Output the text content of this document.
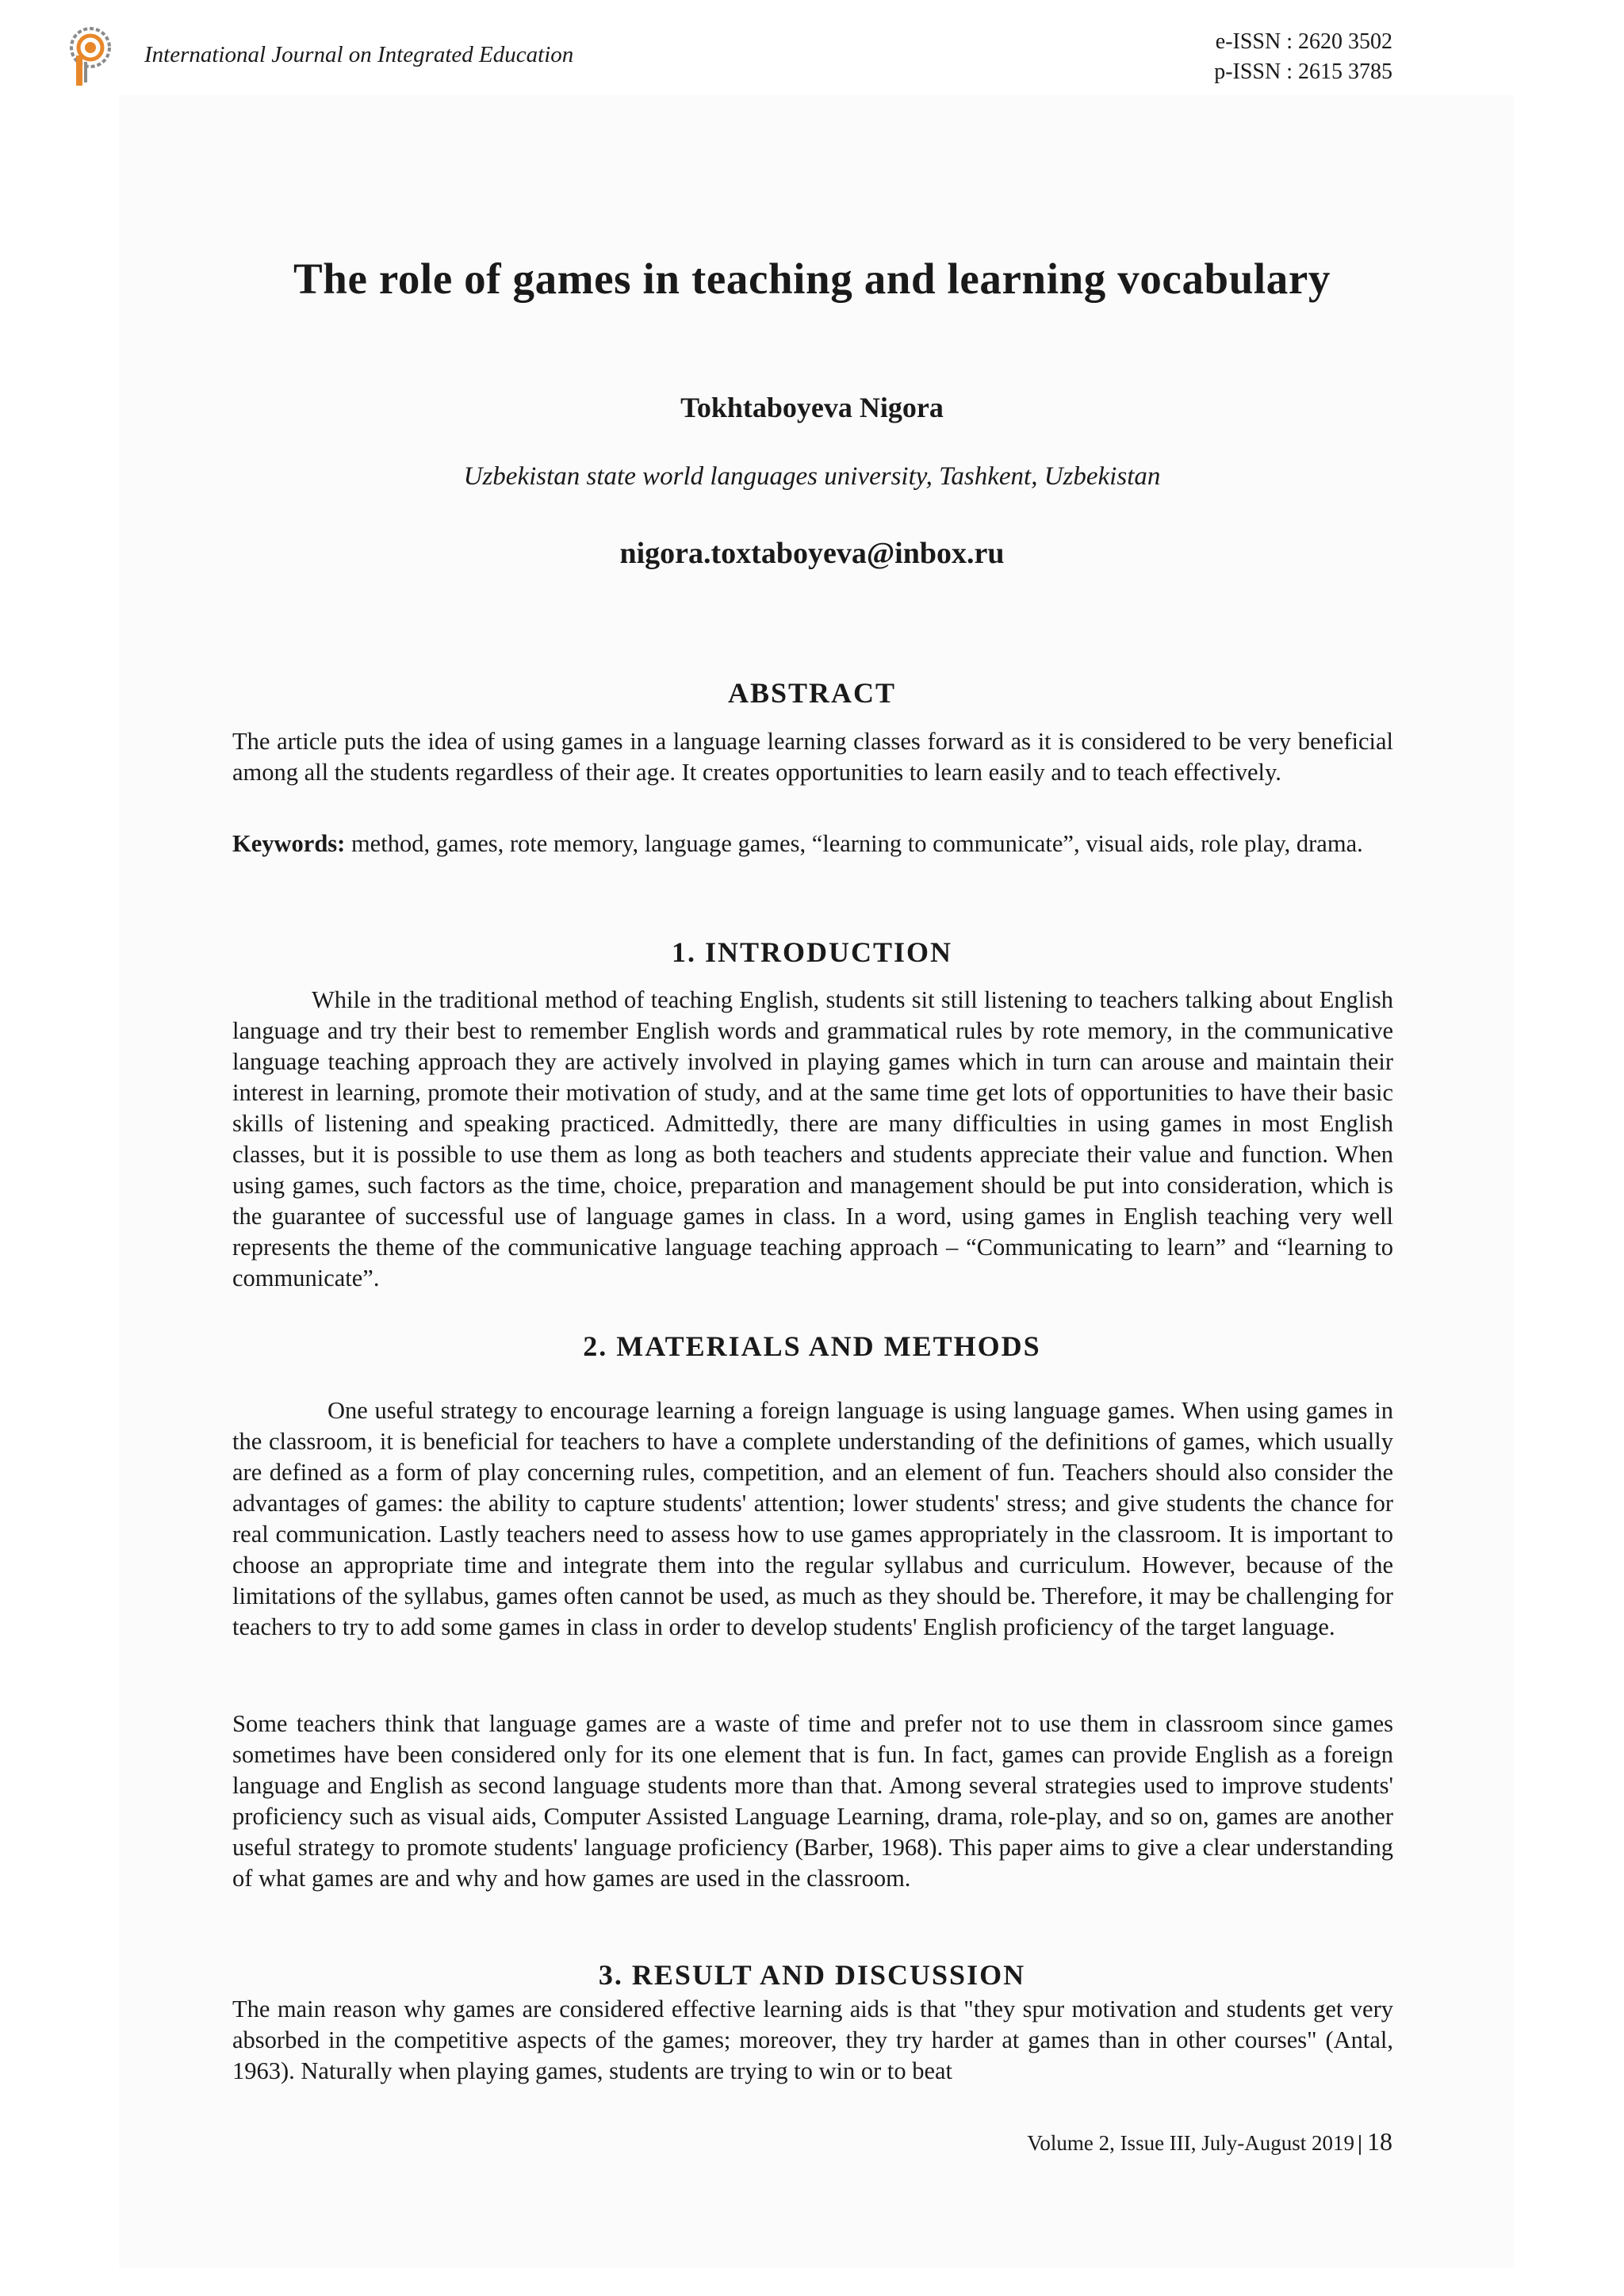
International Journal on Integrated Education
e-ISSN : 2620 3502
p-ISSN : 2615 3785
The role of games in teaching and learning vocabulary
Tokhtaboyeva Nigora
Uzbekistan state world languages university, Tashkent, Uzbekistan
nigora.toxtaboyeva@inbox.ru
ABSTRACT
The article puts the idea of using games in a language learning classes forward as it is considered to be very beneficial among all the students regardless of their age. It creates opportunities to learn easily and to teach effectively.
Keywords: method, games, rote memory, language games, “learning to communicate”, visual aids, role play, drama.
1. INTRODUCTION
While in the traditional method of teaching English, students sit still listening to teachers talking about English language and try their best to remember English words and grammatical rules by rote memory, in the communicative language teaching approach they are actively involved in playing games which in turn can arouse and maintain their interest in learning, promote their motivation of study, and at the same time get lots of opportunities to have their basic skills of listening and speaking practiced. Admittedly, there are many difficulties in using games in most English classes, but it is possible to use them as long as both teachers and students appreciate their value and function. When using games, such factors as the time, choice, preparation and management should be put into consideration, which is the guarantee of successful use of language games in class. In a word, using games in English teaching very well represents the theme of the communicative language teaching approach – “Communicating to learn” and “learning to communicate”.
2. MATERIALS AND METHODS
One useful strategy to encourage learning a foreign language is using language games. When using games in the classroom, it is beneficial for teachers to have a complete understanding of the definitions of games, which usually are defined as a form of play concerning rules, competition, and an element of fun. Teachers should also consider the advantages of games: the ability to capture students' attention; lower students' stress; and give students the chance for real communication. Lastly teachers need to assess how to use games appropriately in the classroom. It is important to choose an appropriate time and integrate them into the regular syllabus and curriculum. However, because of the limitations of the syllabus, games often cannot be used, as much as they should be. Therefore, it may be challenging for teachers to try to add some games in class in order to develop students' English proficiency of the target language.
Some teachers think that language games are a waste of time and prefer not to use them in classroom since games sometimes have been considered only for its one element that is fun. In fact, games can provide English as a foreign language and English as second language students more than that. Among several strategies used to improve students' proficiency such as visual aids, Computer Assisted Language Learning, drama, role-play, and so on, games are another useful strategy to promote students' language proficiency (Barber, 1968). This paper aims to give a clear understanding of what games are and why and how games are used in the classroom.
3. RESULT AND DISCUSSION
The main reason why games are considered effective learning aids is that "they spur motivation and students get very absorbed in the competitive aspects of the games; moreover, they try harder at games than in other courses" (Antal, 1963). Naturally when playing games, students are trying to win or to beat
Volume 2, Issue III, July-August 2019 | 18
